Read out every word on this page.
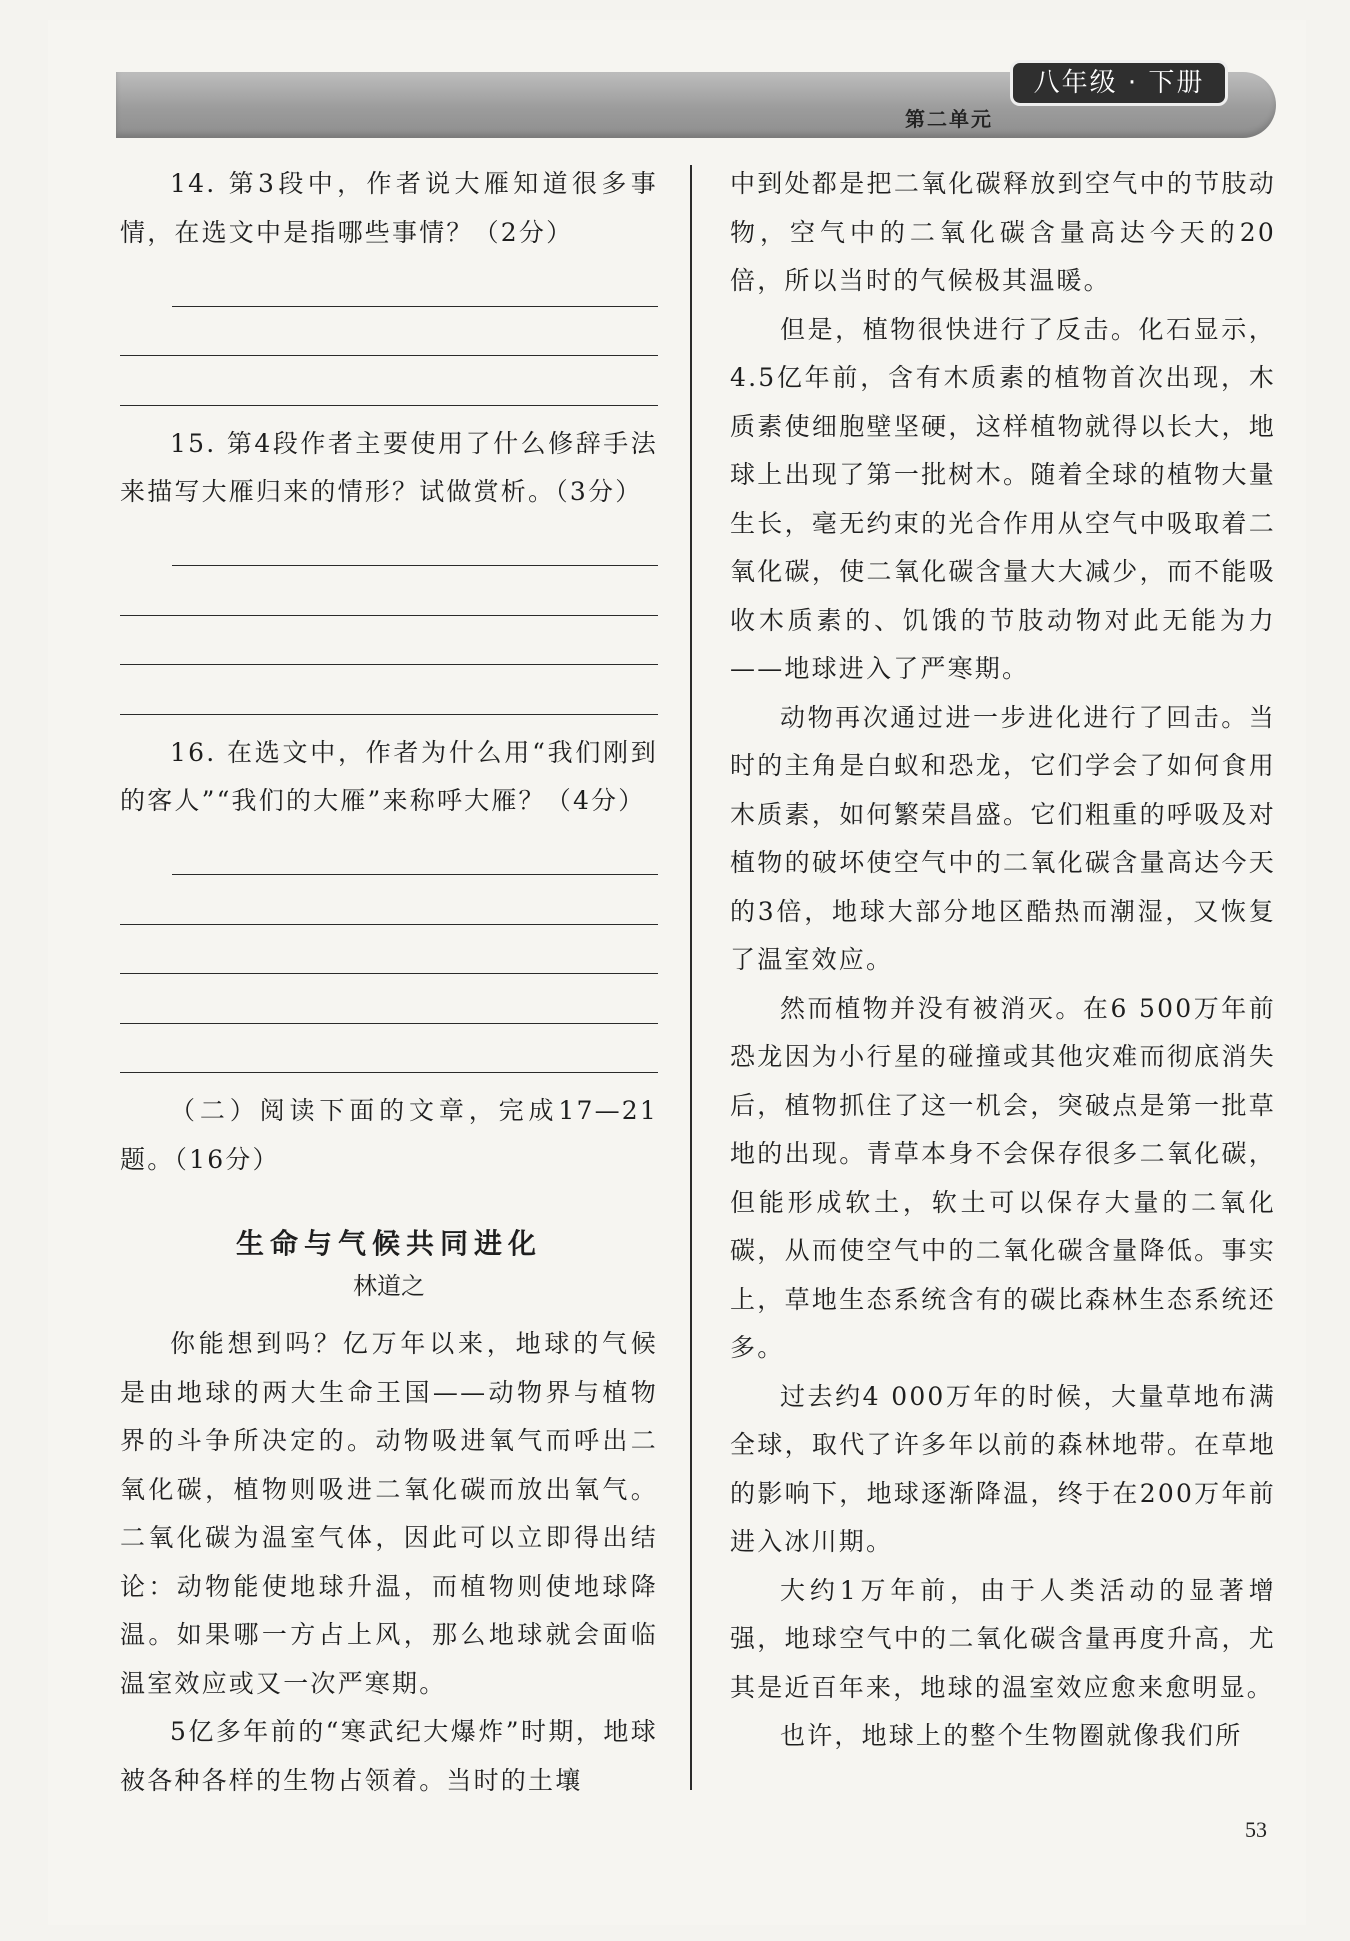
八年级 · 下册
第二单元

14. 第3段中，作者说大雁知道很多事情，在选文中是指哪些事情？（2分）

15. 第4段作者主要使用了什么修辞手法来描写大雁归来的情形？试做赏析。（3分）

16. 在选文中，作者为什么用“我们刚到的客人”“我们的大雁”来称呼大雁？（4分）

（二）阅读下面的文章，完成17—21题。（16分）

生命与气候共同进化
林道之

你能想到吗？亿万年以来，地球的气候是由地球的两大生命王国——动物界与植物界的斗争所决定的。动物吸进氧气而呼出二氧化碳，植物则吸进二氧化碳而放出氧气。二氧化碳为温室气体，因此可以立即得出结论：动物能使地球升温，而植物则使地球降温。如果哪一方占上风，那么地球就会面临温室效应或又一次严寒期。

5亿多年前的“寒武纪大爆炸”时期，地球被各种各样的生物占领着。当时的土壤

中到处都是把二氧化碳释放到空气中的节肢动物，空气中的二氧化碳含量高达今天的20倍，所以当时的气候极其温暖。

但是，植物很快进行了反击。化石显示，4.5亿年前，含有木质素的植物首次出现，木质素使细胞壁坚硬，这样植物就得以长大，地球上出现了第一批树木。随着全球的植物大量生长，毫无约束的光合作用从空气中吸取着二氧化碳，使二氧化碳含量大大减少，而不能吸收木质素的、饥饿的节肢动物对此无能为力——地球进入了严寒期。

动物再次通过进一步进化进行了回击。当时的主角是白蚁和恐龙，它们学会了如何食用木质素，如何繁荣昌盛。它们粗重的呼吸及对植物的破坏使空气中的二氧化碳含量高达今天的3倍，地球大部分地区酷热而潮湿，又恢复了温室效应。

然而植物并没有被消灭。在6 500万年前恐龙因为小行星的碰撞或其他灾难而彻底消失后，植物抓住了这一机会，突破点是第一批草地的出现。青草本身不会保存很多二氧化碳，但能形成软土，软土可以保存大量的二氧化碳，从而使空气中的二氧化碳含量降低。事实上，草地生态系统含有的碳比森林生态系统还多。

过去约4 000万年的时候，大量草地布满全球，取代了许多年以前的森林地带。在草地的影响下，地球逐渐降温，终于在200万年前进入冰川期。

大约1万年前，由于人类活动的显著增强，地球空气中的二氧化碳含量再度升高，尤其是近百年来，地球的温室效应愈来愈明显。

也许，地球上的整个生物圈就像我们所

53
